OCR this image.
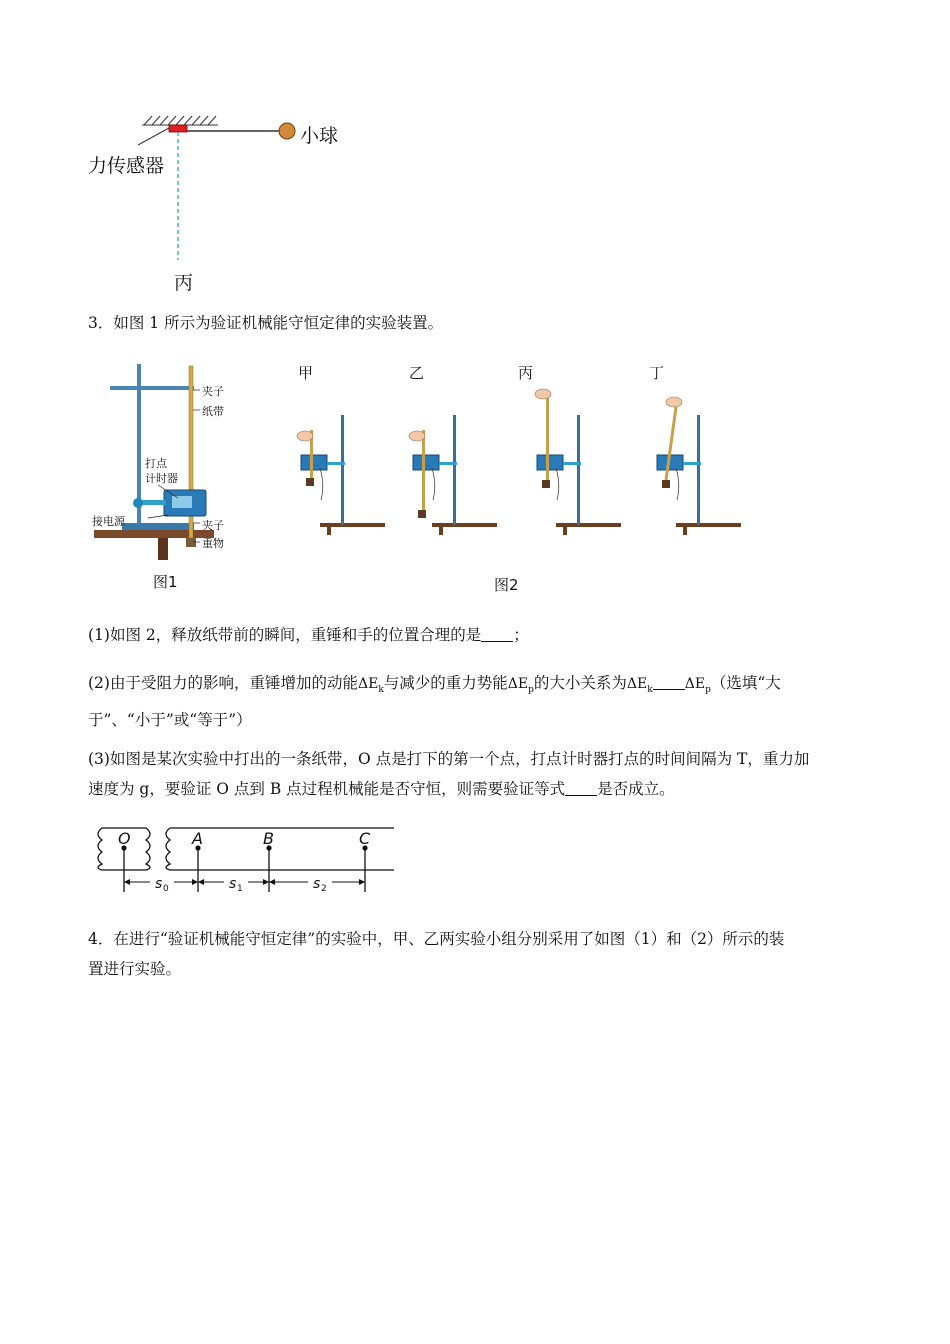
力传感器
小球
丙
3．如图 1 所示为验证机械能守恒定律的实验装置。
夹子
纸带
打点
计时器
接电源	夹子
重物
图1
甲	乙	丙	丁
图2
(1)如图 2，释放纸带前的瞬间，重锤和手的位置合理的是 ；
(2)由于受阻力的影响，重锤增加的动能$\Delta E_k$与减少的重力势能$\Delta E_p$的大小关系为$\Delta E_k$ $\Delta E_p$（选填“大
于”、“小于”或“等于”）
(3)如图是某次实验中打出的一条纸带，O 点是打下的第一个点，打点计时器打点的时间间隔为 T，重力加
速度为 g，要验证 O 点到 B 点过程机械能是否守恒，则需要验证等式 是否成立。
O	A	B	C
s 0	s 1	s 2
4．在进行“验证机械能守恒定律”的实验中，甲、乙两实验小组分别采用了如图（1）和（2）所示的装
置进行实验。
